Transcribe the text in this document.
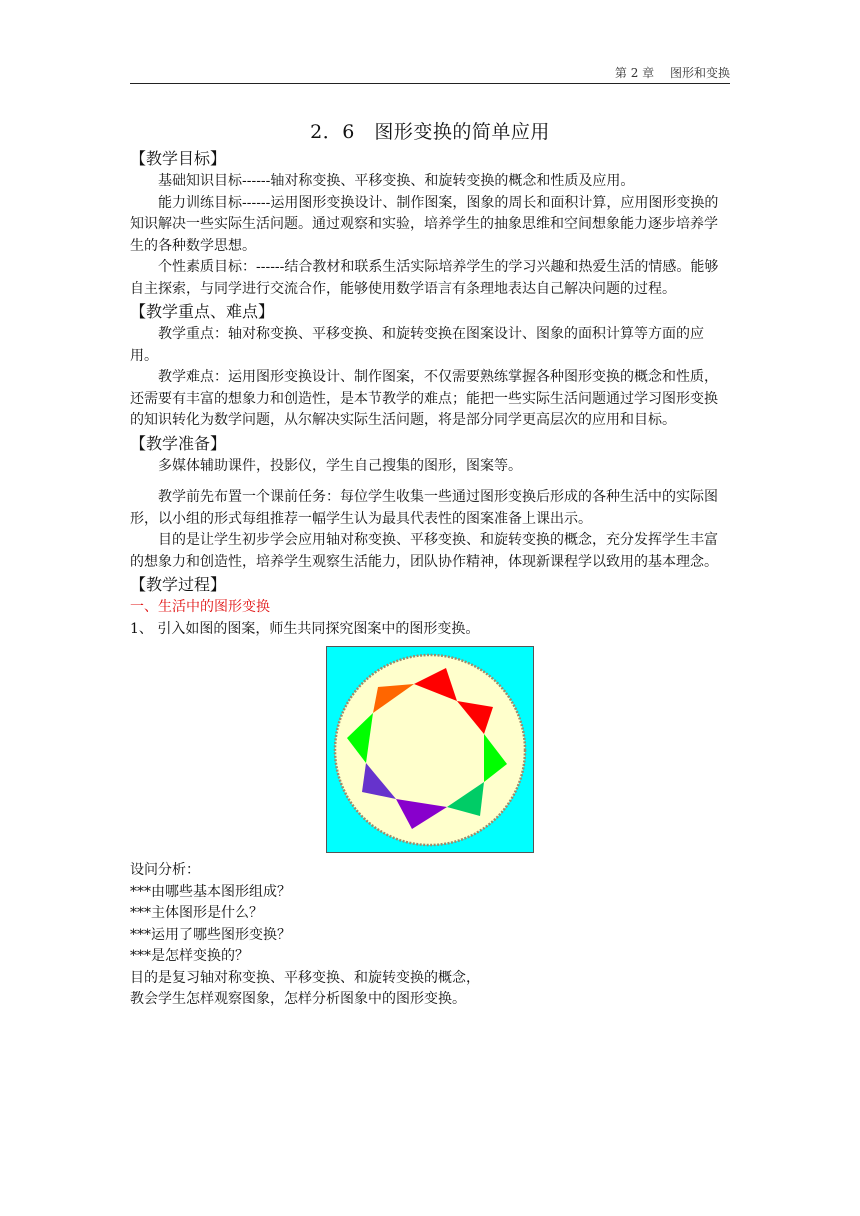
第 2 章　 图形和变换
2．6　图形变换的简单应用

【教学目标】

基础知识目标------轴对称变换、平移变换、和旋转变换的概念和性质及应用。

能力训练目标------运用图形变换设计、制作图案，图象的周长和面积计算，应用图形变换的知识解决一些实际生活问题。通过观察和实验，培养学生的抽象思维和空间想象能力逐步培养学生的各种数学思想。

个性素质目标：------结合教材和联系生活实际培养学生的学习兴趣和热爱生活的情感。能够自主探索，与同学进行交流合作，能够使用数学语言有条理地表达自己解决问题的过程。

【教学重点、难点】

教学重点：轴对称变换、平移变换、和旋转变换在图案设计、图象的面积计算等方面的应用。

教学难点：运用图形变换设计、制作图案，不仅需要熟练掌握各种图形变换的概念和性质，还需要有丰富的想象力和创造性，是本节教学的难点；能把一些实际生活问题通过学习图形变换的知识转化为数学问题，从尔解决实际生活问题，将是部分同学更高层次的应用和目标。

【教学准备】

多媒体辅助课件，投影仪，学生自己搜集的图形，图案等。

教学前先布置一个课前任务：每位学生收集一些通过图形变换后形成的各种生活中的实际图形，以小组的形式每组推荐一幅学生认为最具代表性的图案准备上课出示。

目的是让学生初步学会应用轴对称变换、平移变换、和旋转变换的概念，充分发挥学生丰富的想象力和创造性，培养学生观察生活能力，团队协作精神，体现新课程学以致用的基本理念。

【教学过程】

一、生活中的图形变换

1、 引入如图的图案，师生共同探究图案中的图形变换。

设问分析：

***由哪些基本图形组成？

***主体图形是什么？

***运用了哪些图形变换？

***是怎样变换的？

目的是复习轴对称变换、平移变换、和旋转变换的概念，

教会学生怎样观察图象，怎样分析图象中的图形变换。
